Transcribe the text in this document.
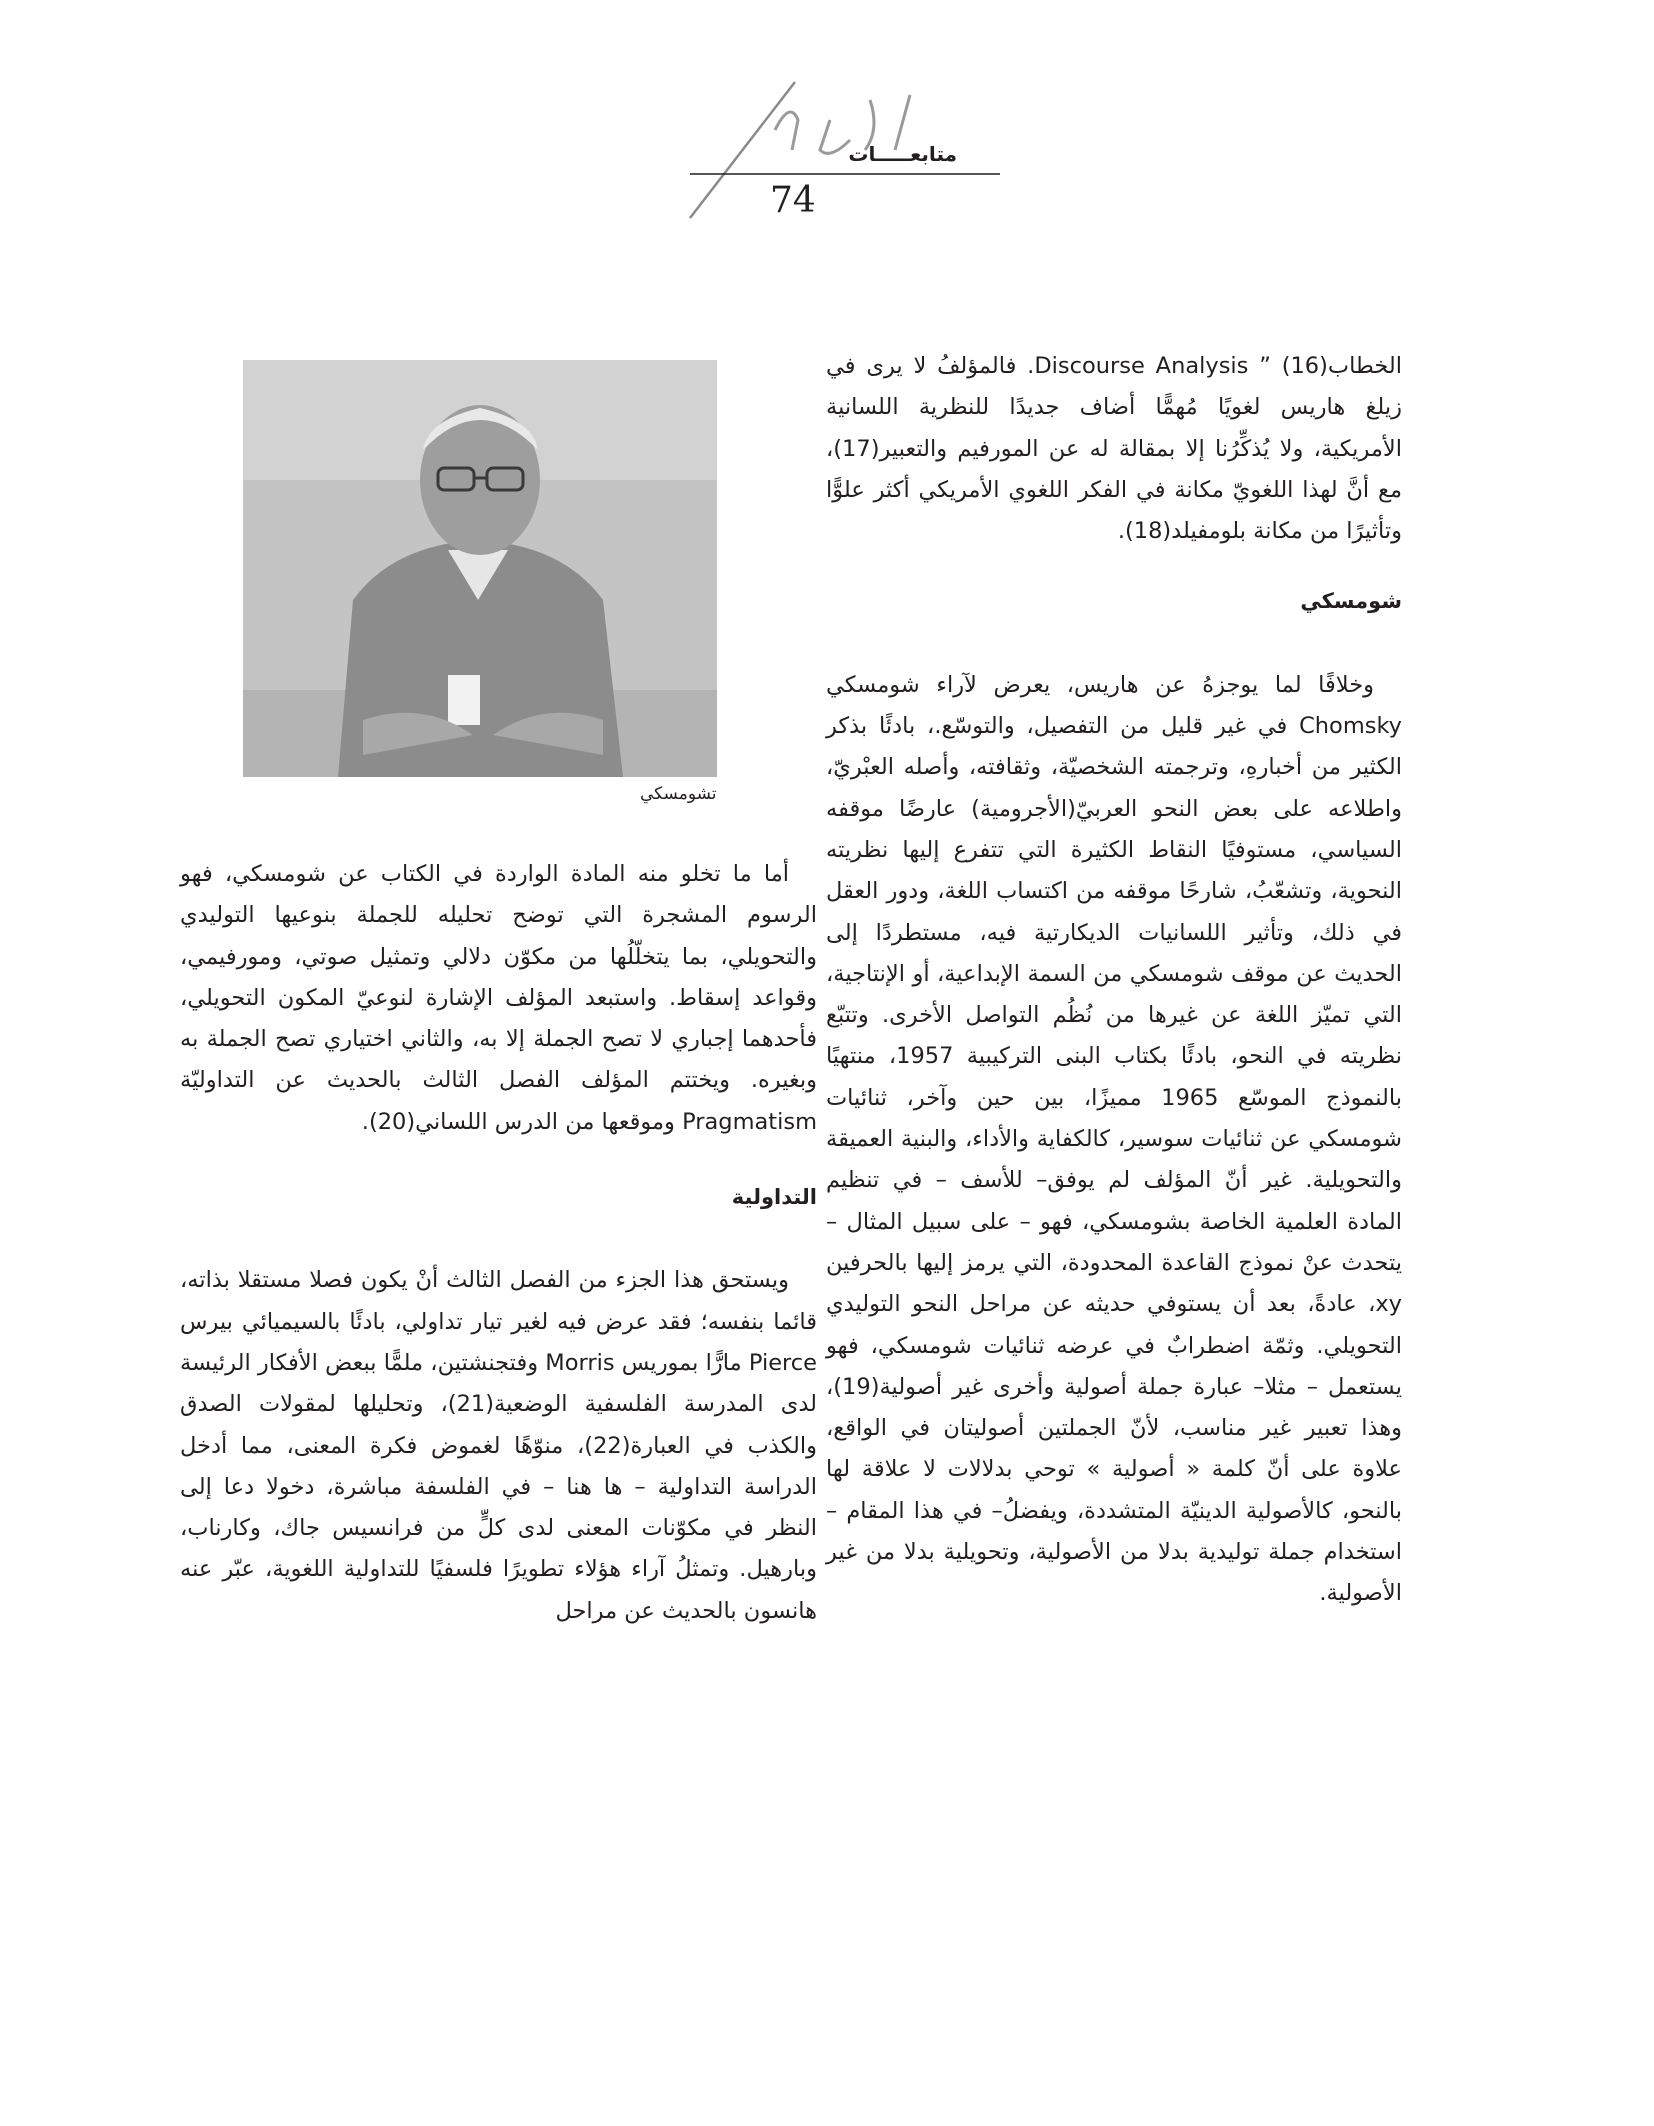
متابعـــــات
74

الخطابDiscourse Analysis ” (16). فالمؤلفُ لا يرى في زيلغ هاريس لغويًا مُهمًّا أضاف جديدًا للنظرية اللسانية الأمريكية، ولا يُذكِّرُنا إلا بمقالة له عن المورفيم والتعبير(17)، مع أنَّ لهذا اللغويّ مكانة في الفكر اللغوي الأمريكي أكثر علوًّا وتأثيرًا من مكانة بلومفيلد(18).

شومسكي

وخلافًا لما يوجزهُ عن هاريس، يعرض لآراء شومسكي Chomsky في غير قليل من التفصيل، والتوسّع.، بادئًا بذكر الكثير من أخبارهِ، وترجمته الشخصيّة، وثقافته، وأصله العبْريّ، واطلاعه على بعض النحو العربيّ(الأجرومية) عارضًا موقفه السياسي، مستوفيًا النقاط الكثيرة التي تتفرع إليها نظريته النحوية، وتشعّبُ، شارحًا موقفه من اكتساب اللغة، ودور العقل في ذلك، وتأثير اللسانيات الديكارتية فيه، مستطردًا إلى الحديث عن موقف شومسكي من السمة الإبداعية، أو الإنتاجية، التي تميّز اللغة عن غيرها من نُظُم التواصل الأخرى. وتتبّع نظريته في النحو، بادئًا بكتاب البنى التركيبية 1957، منتهيًا بالنموذج الموسّع 1965 مميزًا، بين حين وآخر، ثنائيات شومسكي عن ثنائيات سوسير، كالكفاية والأداء، والبنية العميقة والتحويلية. غير أنّ المؤلف لم يوفق– للأسف – في تنظيم المادة العلمية الخاصة بشومسكي، فهو – على سبيل المثال – يتحدث عنْ نموذج القاعدة المحدودة، التي يرمز إليها بالحرفين xy، عادةً، بعد أن يستوفي حديثه عن مراحل النحو التوليدي التحويلي. وثمّة اضطرابٌ في عرضه ثنائيات شومسكي، فهو يستعمل – مثلا– عبارة جملة أصولية وأخرى غير أصولية(19)، وهذا تعبير غير مناسب، لأنّ الجملتين أصوليتان في الواقع، علاوة على أنّ كلمة « أصولية » توحي بدلالات لا علاقة لها بالنحو، كالأصولية الدينيّة المتشددة، ويفضلُ– في هذا المقام – استخدام جملة توليدية بدلا من الأصولية، وتحويلية بدلا من غير الأصولية.

تشومسكي

أما ما تخلو منه المادة الواردة في الكتاب عن شومسكي، فهو الرسوم المشجرة التي توضح تحليله للجملة بنوعيها التوليدي والتحويلي، بما يتخلّلُها من مكوّن دلالي وتمثيل صوتي، ومورفيمي، وقواعد إسقاط. واستبعد المؤلف الإشارة لنوعيّ المكون التحويلي، فأحدهما إجباري لا تصح الجملة إلا به، والثاني اختياري تصح الجملة به وبغيره. ويختتم المؤلف الفصل الثالث بالحديث عن التداوليّة Pragmatism وموقعها من الدرس اللساني(20).

التداولية

ويستحق هذا الجزء من الفصل الثالث أنْ يكون فصلا مستقلا بذاته، قائما بنفسه؛ فقد عرض فيه لغير تيار تداولي، بادئًا بالسيميائي بيرس Pierce مارًّا بموريس Morris وفتجنشتين، ملمًّا ببعض الأفكار الرئيسة لدى المدرسة الفلسفية الوضعية(21)، وتحليلها لمقولات الصدق والكذب في العبارة(22)، منوّهًا لغموض فكرة المعنى، مما أدخل الدراسة التداولية – ها هنا – في الفلسفة مباشرة، دخولا دعا إلى النظر في مكوّنات المعنى لدى كلٍّ من فرانسيس جاك، وكارناب، وبارهيل. وتمثلُ آراء هؤلاء تطويرًا فلسفيًا للتداولية اللغوية، عبّر عنه هانسون بالحديث عن مراحل
